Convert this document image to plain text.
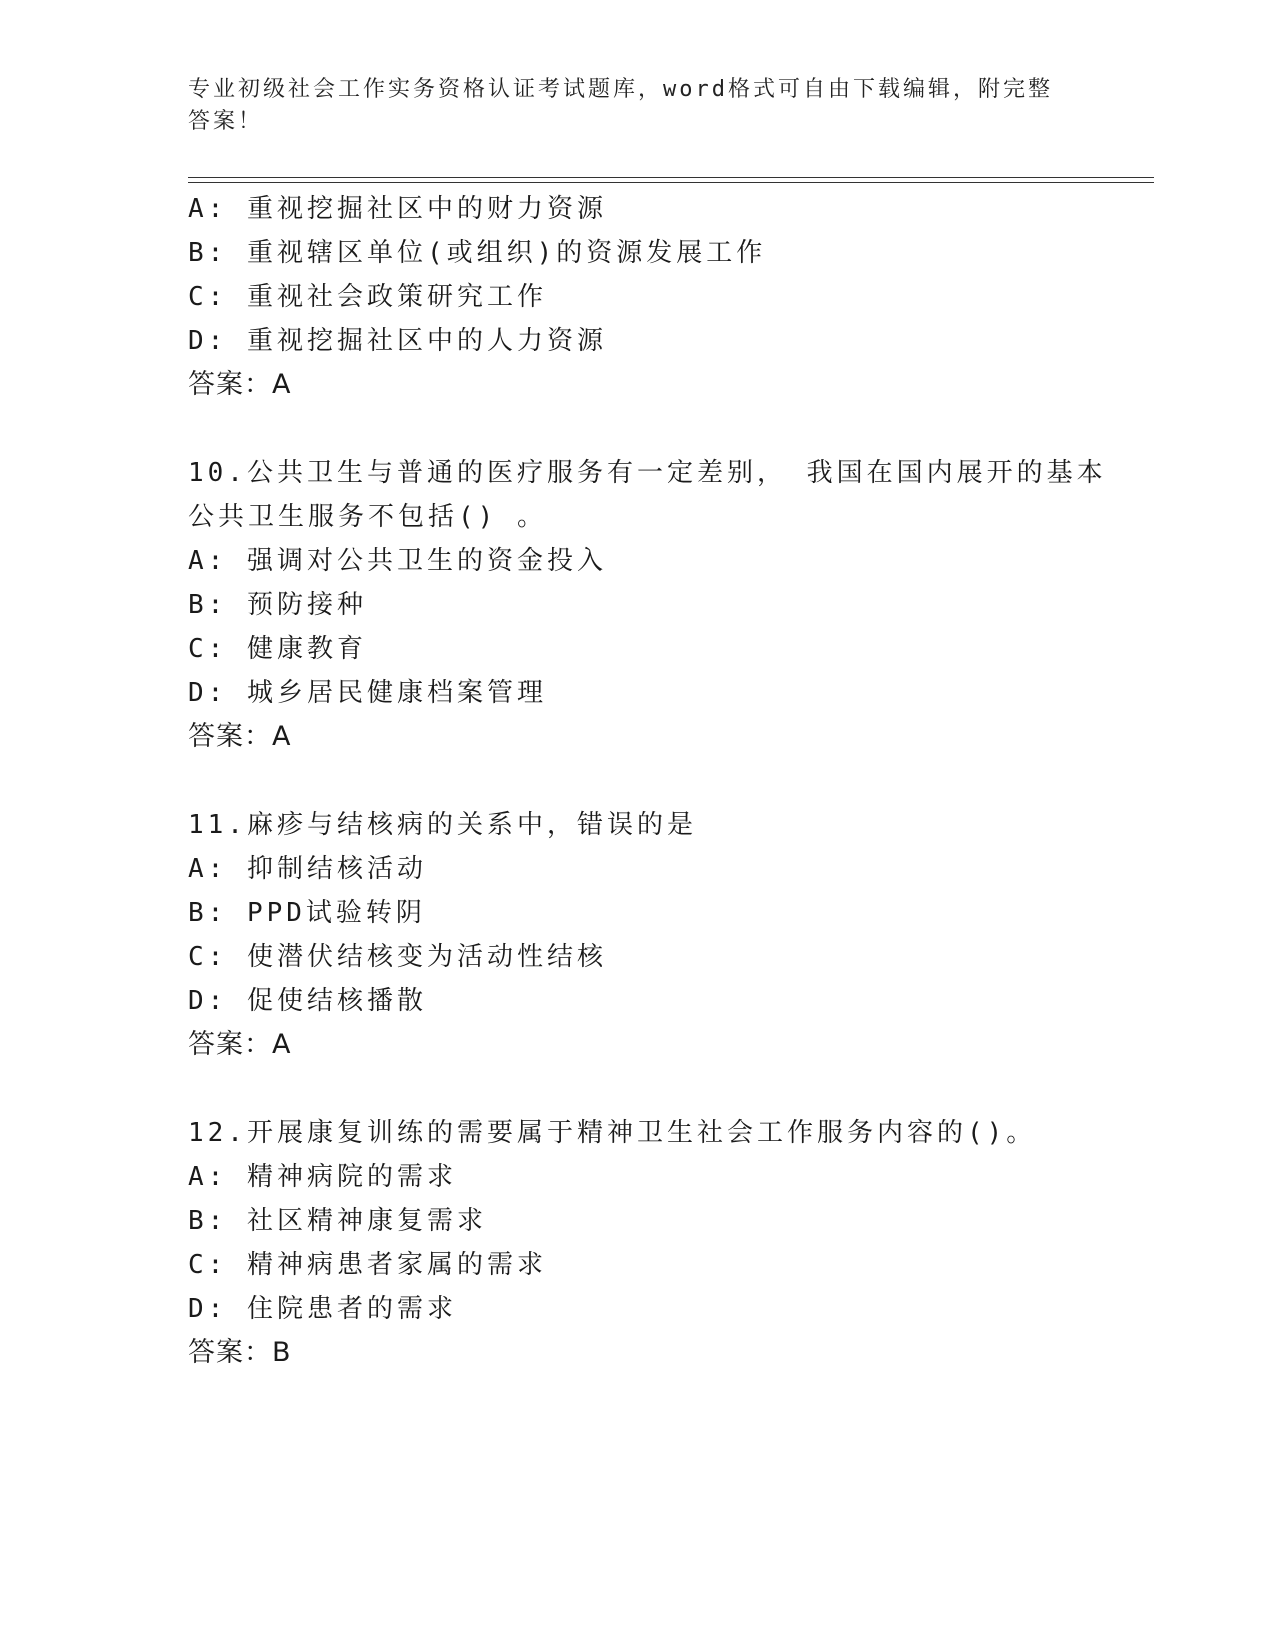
专业初级社会工作实务资格认证考试题库，word格式可自由下载编辑，附完整答案！
A: 重视挖掘社区中的财力资源
B: 重视辖区单位(或组织)的资源发展工作
C: 重视社会政策研究工作
D: 重视挖掘社区中的人力资源
答案：A
10.公共卫生与普通的医疗服务有一定差别， 我国在国内展开的基本
公共卫生服务不包括() 。
A: 强调对公共卫生的资金投入
B: 预防接种
C: 健康教育
D: 城乡居民健康档案管理
答案：A
11.麻疹与结核病的关系中，错误的是
A: 抑制结核活动
B: PPD试验转阴
C: 使潜伏结核变为活动性结核
D: 促使结核播散
答案：A
12.开展康复训练的需要属于精神卫生社会工作服务内容的()。
A: 精神病院的需求
B: 社区精神康复需求
C: 精神病患者家属的需求
D: 住院患者的需求
答案：B
